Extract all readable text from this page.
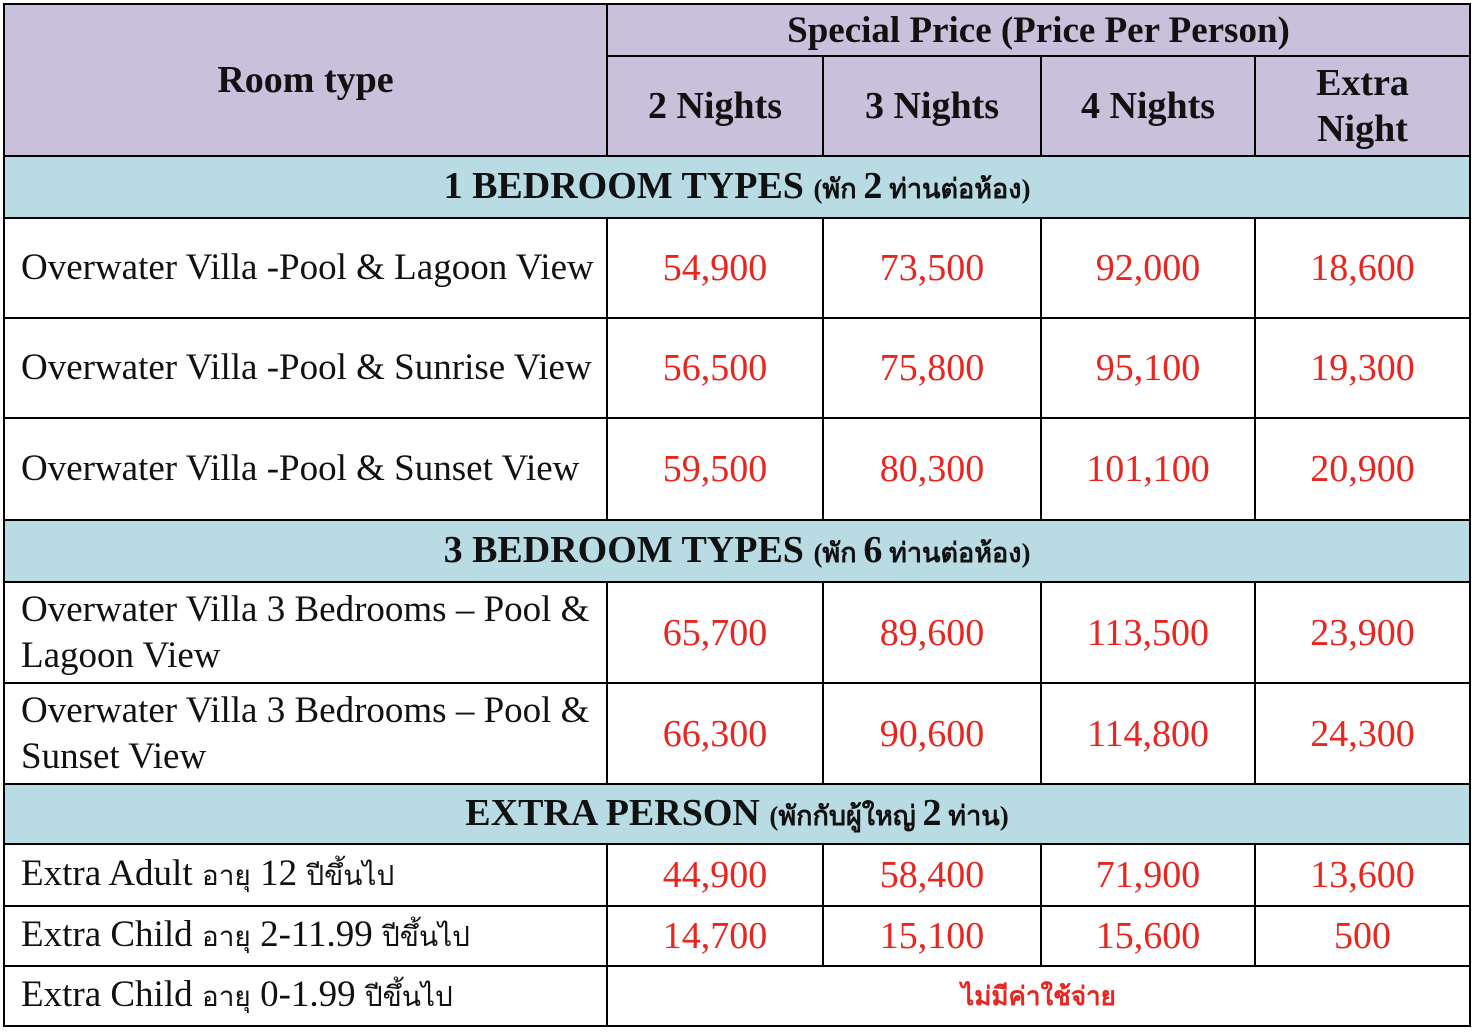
Room type	Special Price (Price Per Person)			
	2 Nights	3 Nights	4 Nights	Extra Night
1 BEDROOM TYPES (พัก 2 ท่านต่อห้อง)				
Overwater Villa -Pool & Lagoon View	54,900	73,500	92,000	18,600
Overwater Villa -Pool & Sunrise View	56,500	75,800	95,100	19,300
Overwater Villa -Pool & Sunset View	59,500	80,300	101,100	20,900
3 BEDROOM TYPES (พัก 6 ท่านต่อห้อง)				
Overwater Villa 3 Bedrooms – Pool & Lagoon View	65,700	89,600	113,500	23,900
Overwater Villa 3 Bedrooms – Pool & Sunset View	66,300	90,600	114,800	24,300
EXTRA PERSON (พักกับผู้ใหญ่ 2 ท่าน)				
Extra Adult อายุ 12 ปีขึ้นไป	44,900	58,400	71,900	13,600
Extra Child อายุ 2-11.99 ปีขึ้นไป	14,700	15,100	15,600	500
Extra Child อายุ 0-1.99 ปีขึ้นไป	ไม่มีค่าใช้จ่าย			
